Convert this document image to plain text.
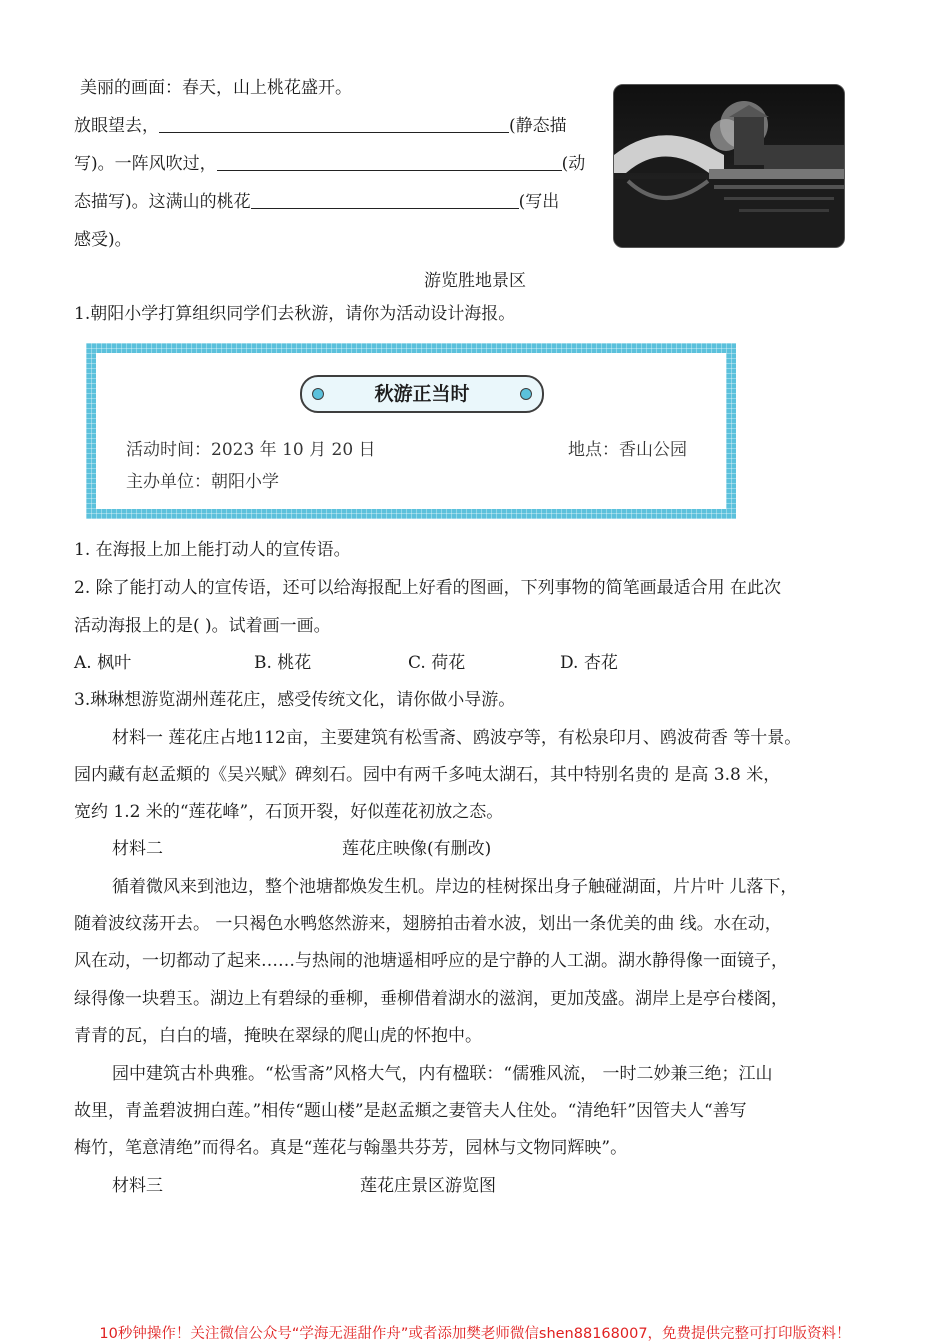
美丽的画面：春天，山上桃花盛开。
放眼望去，	(静态描
写)。一阵风吹过，	(动
态描写)。这满山的桃花	(写出
感受)。
游览胜地景区
1.朝阳小学打算组织同学们去秋游，请你为活动设计海报。
秋游正当时
活动时间：2023 年 10 月 20 日	地点：香山公园
主办单位：朝阳小学
1. 在海报上加上能打动人的宣传语。
2. 除了能打动人的宣传语，还可以给海报配上好看的图画，下列事物的简笔画最适合用 在此次
活动海报上的是( )。试着画一画。
A. 枫叶	B. 桃花	C. 荷花	D. 杏花
3.琳琳想游览湖州莲花庄，感受传统文化，请你做小导游。
材料一 莲花庄占地112亩，主要建筑有松雪斋、鸥波亭等，有松泉印月、鸥波荷香 等十景。
园内藏有赵孟頫的《吴兴赋》碑刻石。园中有两千多吨太湖石，其中特别名贵的 是高 3.8 米，
宽约 1.2 米的“莲花峰”，石顶开裂，好似莲花初放之态。
材料二	莲花庄映像(有删改)
循着微风来到池边，整个池塘都焕发生机。岸边的桂树探出身子触碰湖面，片片叶 儿落下，
随着波纹荡开去。 一只褐色水鸭悠然游来，翅膀拍击着水波，划出一条优美的曲 线。水在动，
风在动，一切都动了起来……与热闹的池塘遥相呼应的是宁静的人工湖。湖水静得像一面镜子，
绿得像一块碧玉。湖边上有碧绿的垂柳，垂柳借着湖水的滋润，更加茂盛。湖岸上是亭台楼阁，
青青的瓦，白白的墙，掩映在翠绿的爬山虎的怀抱中。
园中建筑古朴典雅。“松雪斋”风格大气，内有楹联：“儒雅风流， 一时二妙兼三绝；江山
故里，青盖碧波拥白莲。”相传“题山楼”是赵孟頫之妻管夫人住处。“清绝轩”因管夫人“善写
梅竹，笔意清绝”而得名。真是“莲花与翰墨共芬芳，园林与文物同辉映”。
材料三	莲花庄景区游览图
10秒钟操作！关注微信公众号“学海无涯甜作舟”或者添加樊老师微信shen88168007，免费提供完整可打印版资料！
